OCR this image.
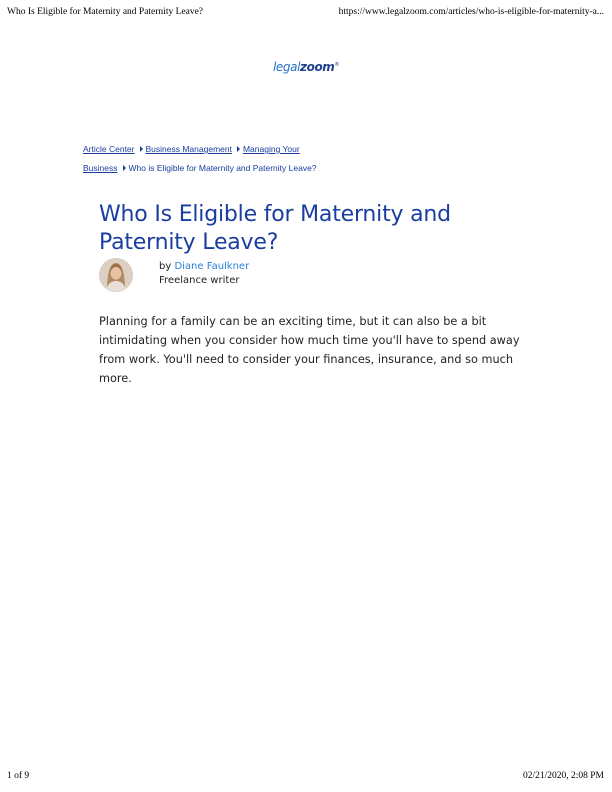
Who Is Eligible for Maternity and Paternity Leave?	https://www.legalzoom.com/articles/who-is-eligible-for-maternity-a...
legalzoom®
Article Center Business Management Managing Your
Business Who is Eligible for Maternity and Paternity Leave?
Who Is Eligible for Maternity and
Paternity Leave?
by Diane Faulkner
Freelance writer

Planning for a family can be an exciting time, but it can also be a bit intimidating when you consider how much time you'll have to spend away from work. You'll need to consider your finances, insurance, and so much more.

1 of 9	02/21/2020, 2:08 PM
